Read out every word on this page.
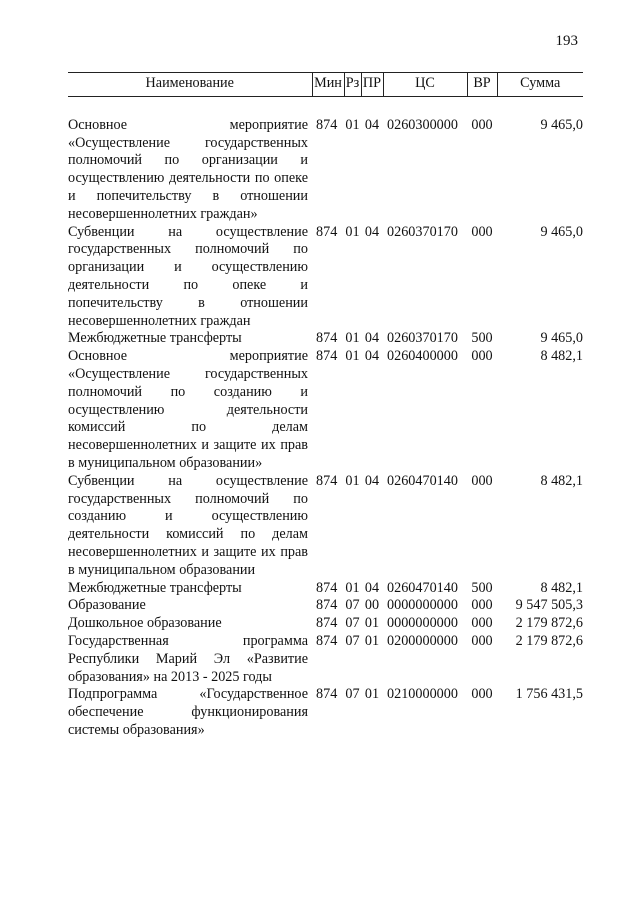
193
Наименование	Мин	Рз	ПР	ЦС	ВР	Сумма

Основное мероприятие «Осуществление государственных полномочий по организации и осуществлению деятельности по опеке и попечительству в отношении несовершеннолетних граждан»	874	01	04	0260300000	000	9 465,0
Субвенции на осуществление государственных полномочий по организации и осуществлению деятельности по опеке и попечительству в отношении несовершеннолетних граждан	874	01	04	0260370170	000	9 465,0
Межбюджетные трансферты	874	01	04	0260370170	500	9 465,0
Основное мероприятие «Осуществление государственных полномочий по созданию и осуществлению деятельности комиссий по делам несовершеннолетних и защите их прав в муниципальном образовании»	874	01	04	0260400000	000	8 482,1
Субвенции на осуществление государственных полномочий по созданию и осуществлению деятельности комиссий по делам несовершеннолетних и защите их прав в муниципальном образовании	874	01	04	0260470140	000	8 482,1
Межбюджетные трансферты	874	01	04	0260470140	500	8 482,1
Образование	874	07	00	0000000000	000	9 547 505,3
Дошкольное образование	874	07	01	0000000000	000	2 179 872,6
Государственная программа Республики Марий Эл «Развитие образования» на 2013 - 2025 годы	874	07	01	0200000000	000	2 179 872,6
Подпрограмма «Государственное обеспечение функционирования системы образования»	874	07	01	0210000000	000	1 756 431,5
